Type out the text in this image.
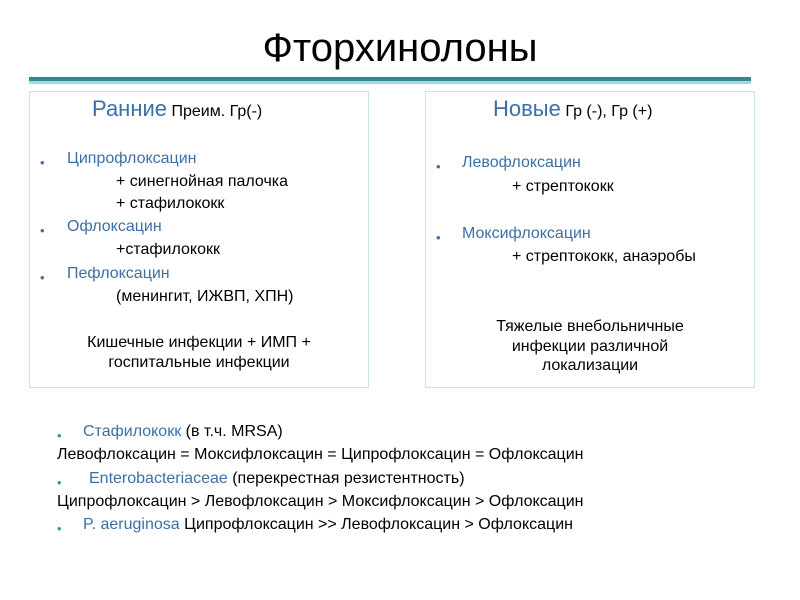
Фторхинолоны
Ранние Преим. Гр(-)
• Ципрофлоксацин
+ синегнойная палочка
+ стафилококк
• Офлоксацин
+стафилококк
• Пефлоксацин
(менингит, ИЖВП, ХПН)
Кишечные инфекции + ИМП +
госпитальные инфекции
Новые Гр (-), Гр (+)
• Левофлоксацин
+ стрептококк
• Моксифлоксацин
+ стрептококк, анаэробы
Тяжелые внебольничные
инфекции различной
локализации
• Стафилококк (в т.ч. MRSA)
Левофлоксацин = Моксифлоксацин = Ципрофлоксацин = Офлоксацин
• Enterobacteriaceae (перекрестная резистентность)
Ципрофлоксацин > Левофлоксацин > Моксифлоксацин > Офлоксацин
• P. aeruginosa Ципрофлоксацин >> Левофлоксацин > Офлоксацин
